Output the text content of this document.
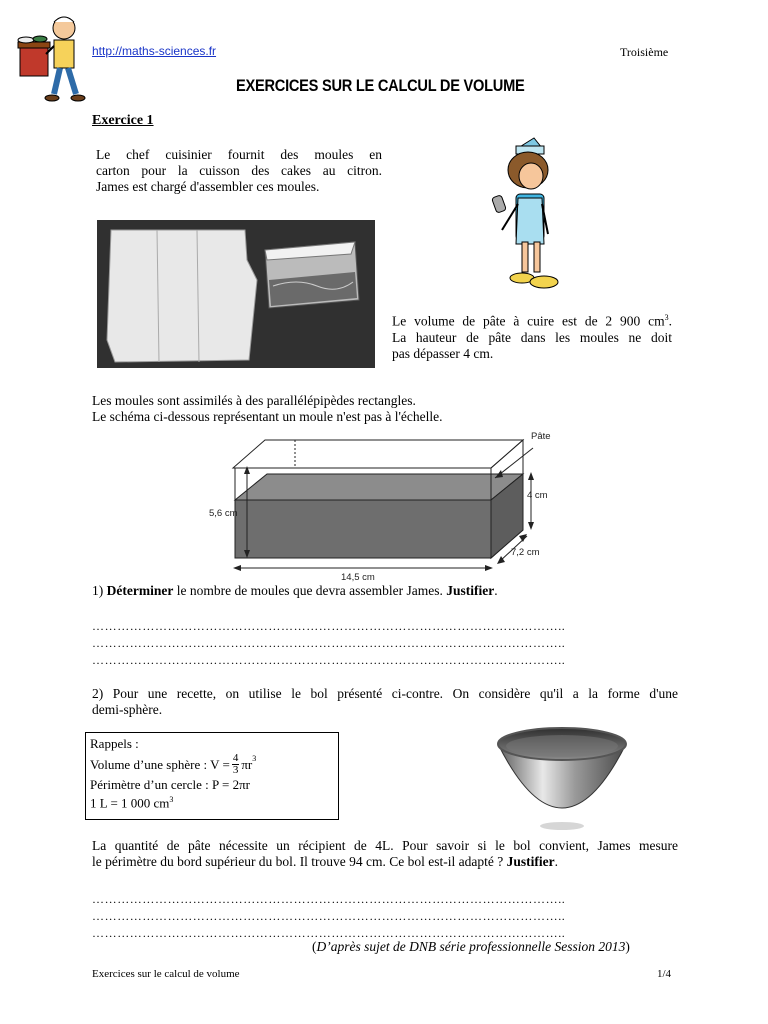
http://maths-sciences.fr	Troisième
EXERCICES SUR LE CALCUL DE VOLUME
Exercice 1
Le chef cuisinier fournit des moules en
carton pour la cuisson des cakes au citron.
James est chargé d'assembler ces moules.
Le volume de pâte à cuire est de 2 900 $cm^3$.
La hauteur de pâte dans les moules ne doit
pas dépasser 4 cm.
Les moules sont assimilés à des parallélépipèdes rectangles.
Le schéma ci-dessous représentant un moule n'est pas à l'échelle.
Pâte
5,6 cm
4 cm
7,2 cm
14,5 cm
1) Déterminer le nombre de moules que devra assembler James. Justifier.
…………………………………………………………………………………………………..
…………………………………………………………………………………………………..
…………………………………………………………………………………………………..
2) Pour une recette, on utilise le bol présenté ci-contre. On considère qu'il a la forme d'une
demi-sphère.
Rappels :
Volume d’une sphère : $V = \frac{4}{3} \pi r^3$
Périmètre d’un cercle : P = 2πr
1 L = 1 000 $cm^3$
La quantité de pâte nécessite un récipient de 4L. Pour savoir si le bol convient, James mesure
le périmètre du bord supérieur du bol. Il trouve 94 cm. Ce bol est-il adapté ? Justifier.
…………………………………………………………………………………………………..
…………………………………………………………………………………………………..
…………………………………………………………………………………………………..
(D’après sujet de DNB série professionnelle Session 2013)
Exercices sur le calcul de volume	1/4
